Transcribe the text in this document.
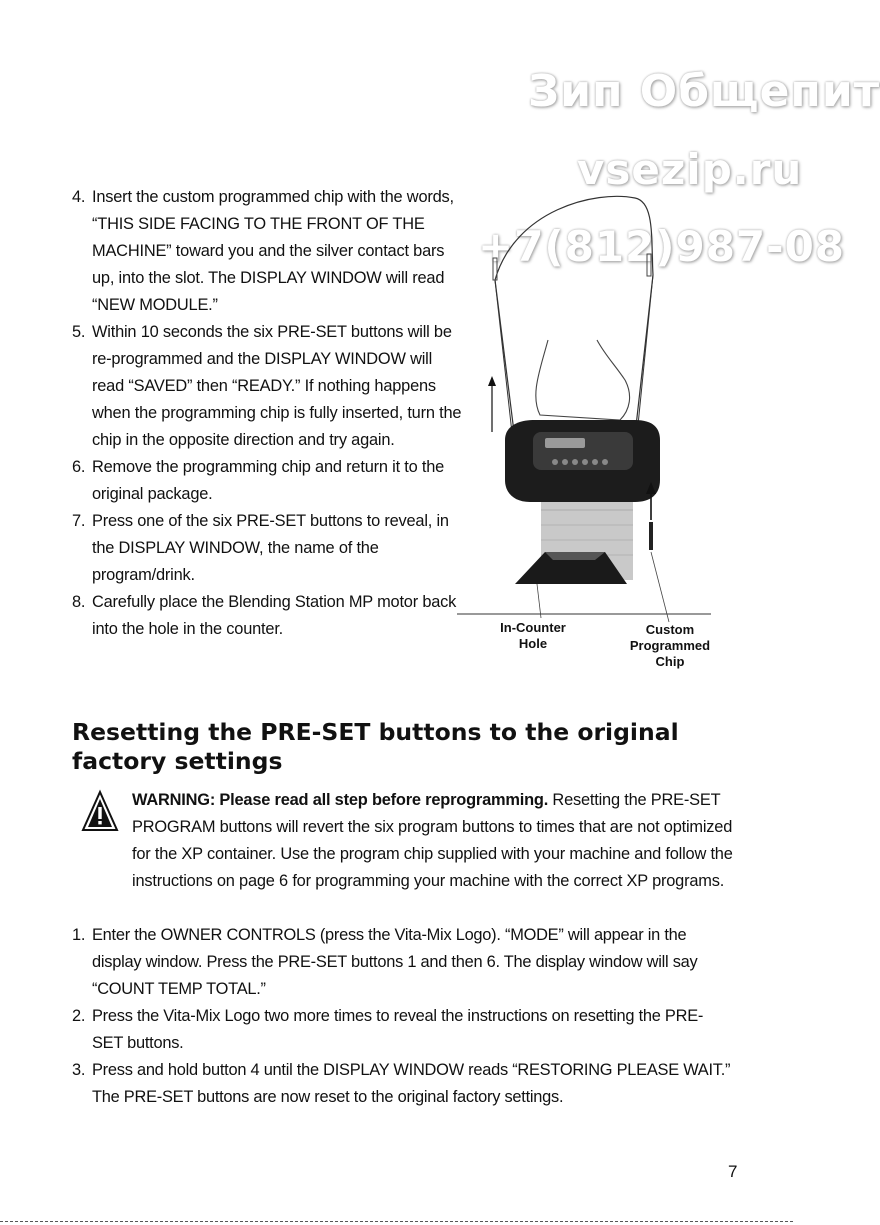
Зип Общепит
vsezip.ru
+7(812)987-08
4. Insert the custom programmed chip with the words, “THIS SIDE FACING TO THE FRONT OF THE MACHINE” toward you and the silver contact bars up, into the slot. The DISPLAY WINDOW will read “NEW MODULE.”
5. Within 10 seconds the six PRE-SET buttons will be re-programmed and the DISPLAY WINDOW will read “SAVED” then “READY.” If nothing happens when the programming chip is fully inserted, turn the chip in the opposite direction and try again.
6. Remove the programming chip and return it to the original package.
7. Press one of the six PRE-SET buttons to reveal, in the DISPLAY WINDOW, the name of the program/drink.
8. Carefully place the Blending Station MP motor back into the hole in the counter.	In-Counter
Hole
Custom
Programmed
Chip
Resetting the PRE-SET buttons to the original factory settings
WARNING: Please read all step before reprogramming. Resetting the PRE-SET PROGRAM buttons will revert the six program buttons to times that are not optimized for the XP container. Use the program chip supplied with your machine and follow the instructions on page 6 for programming your machine with the correct XP programs.
1. Enter the OWNER CONTROLS (press the Vita-Mix Logo). “MODE” will appear in the display window. Press the PRE-SET buttons 1 and then 6. The display window will say “COUNT TEMP TOTAL.”
2. Press the Vita-Mix Logo two more times to reveal the instructions on resetting the PRE-SET buttons.
3. Press and hold button 4 until the DISPLAY WINDOW reads “RESTORING PLEASE WAIT.” The PRE-SET buttons are now reset to the original factory settings.
7
